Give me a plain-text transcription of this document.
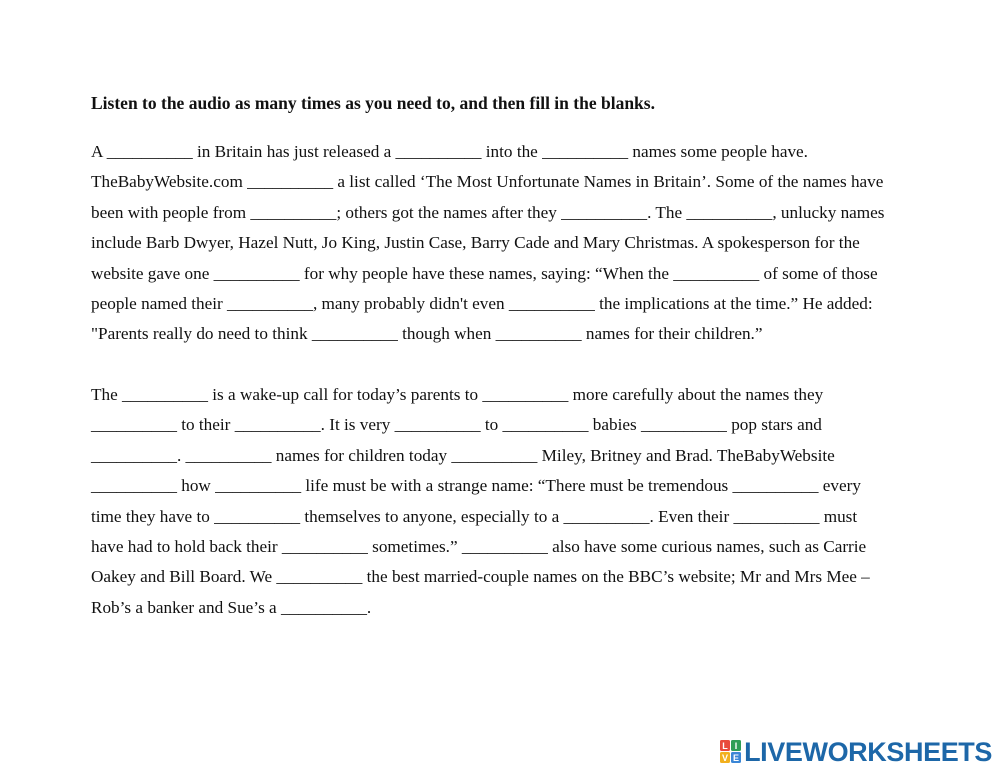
Listen to the audio as many times as you need to, and then fill in the blanks.
A __________ in Britain has just released a __________ into the __________ names some people have.
TheBabyWebsite.com __________ a list called ‘The Most Unfortunate Names in Britain’. Some of the names have
been with people from __________; others got the names after they __________. The __________, unlucky names
include Barb Dwyer, Hazel Nutt, Jo King, Justin Case, Barry Cade and Mary Christmas. A spokesperson for the
website gave one __________ for why people have these names, saying: “When the __________ of some of those
people named their __________, many probably didn't even __________ the implications at the time.” He added:
"Parents really do need to think __________ though when __________ names for their children.”
The __________ is a wake-up call for today’s parents to __________ more carefully about the names they
__________ to their __________. It is very __________ to __________ babies __________ pop stars and
__________. __________ names for children today __________ Miley, Britney and Brad. TheBabyWebsite
__________ how __________ life must be with a strange name: “There must be tremendous __________ every
time they have to __________ themselves to anyone, especially to a __________. Even their __________ must
have had to hold back their __________ sometimes.” __________ also have some curious names, such as Carrie
Oakey and Bill Board. We __________ the best married-couple names on the BBC’s website; Mr and Mrs Mee –
Rob’s a banker and Sue’s a __________.
L I
V E LIVEWORKSHEETS
